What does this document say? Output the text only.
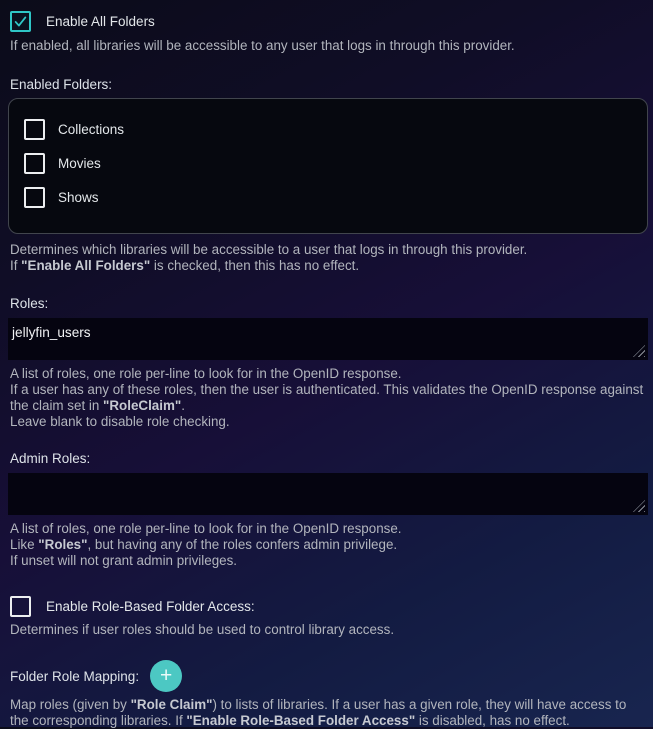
Enable All Folders
If enabled, all libraries will be accessible to any user that logs in through this provider.
Enabled Folders:
Collections
Movies
Shows
Determines which libraries will be accessible to a user that logs in through this provider.
If "Enable All Folders" is checked, then this has no effect.
Roles:
jellyfin_users
A list of roles, one role per-line to look for in the OpenID response.
If a user has any of these roles, then the user is authenticated. This validates the OpenID response against the claim set in "RoleClaim".
Leave blank to disable role checking.
Admin Roles:
A list of roles, one role per-line to look for in the OpenID response.
Like "Roles", but having any of the roles confers admin privilege.
If unset will not grant admin privileges.
Enable Role-Based Folder Access:
Determines if user roles should be used to control library access.
Folder Role Mapping: +
Map roles (given by "Role Claim") to lists of libraries. If a user has a given role, they will have access to the corresponding libraries. If "Enable Role-Based Folder Access" is disabled, has no effect.
